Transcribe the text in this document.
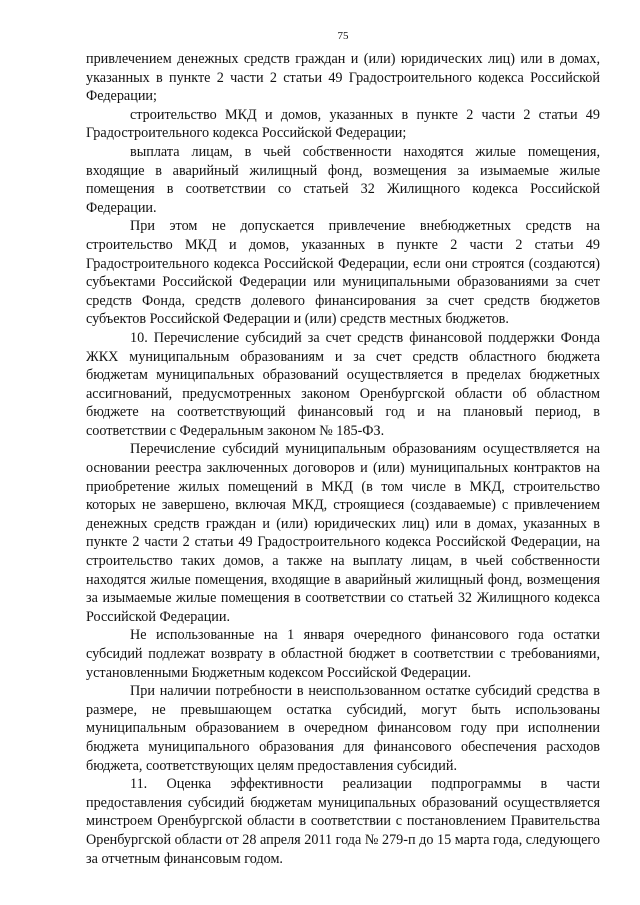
75

привлечением денежных средств граждан и (или) юридических лиц) или в домах, указанных в пункте 2 части 2 статьи 49 Градостроительного кодекса Российской Федерации;

строительство МКД и домов, указанных в пункте 2 части 2 статьи 49 Градостроительного кодекса Российской Федерации;

выплата лицам, в чьей собственности находятся жилые помещения, входящие в аварийный жилищный фонд, возмещения за изымаемые жилые помещения в соответствии со статьей 32 Жилищного кодекса Российской Федерации.

При этом не допускается привлечение внебюджетных средств на строительство МКД и домов, указанных в пункте 2 части 2 статьи 49 Градостроительного кодекса Российской Федерации, если они строятся (создаются) субъектами Российской Федерации или муниципальными образованиями за счет средств Фонда, средств долевого финансирования за счет средств бюджетов субъектов Российской Федерации и (или) средств местных бюджетов.

10. Перечисление субсидий за счет средств финансовой поддержки Фонда ЖКХ муниципальным образованиям и за счет средств областного бюджета бюджетам муниципальных образований осуществляется в пределах бюджетных ассигнований, предусмотренных законом Оренбургской области об областном бюджете на соответствующий финансовый год и на плановый период, в соответствии с Федеральным законом № 185-ФЗ.

Перечисление субсидий муниципальным образованиям осуществляется на основании реестра заключенных договоров и (или) муниципальных контрактов на приобретение жилых помещений в МКД (в том числе в МКД, строительство которых не завершено, включая МКД, строящиеся (создаваемые) с привлечением денежных средств граждан и (или) юридических лиц) или в домах, указанных в пункте 2 части 2 статьи 49 Градостроительного кодекса Российской Федерации, на строительство таких домов, а также на выплату лицам, в чьей собственности находятся жилые помещения, входящие в аварийный жилищный фонд, возмещения за изымаемые жилые помещения в соответствии со статьей 32 Жилищного кодекса Российской Федерации.

Не использованные на 1 января очередного финансового года остатки субсидий подлежат возврату в областной бюджет в соответствии с требованиями, установленными Бюджетным кодексом Российской Федерации.

При наличии потребности в неиспользованном остатке субсидий средства в размере, не превышающем остатка субсидий, могут быть использованы муниципальным образованием в очередном финансовом году при исполнении бюджета муниципального образования для финансового обеспечения расходов бюджета, соответствующих целям предоставления субсидий.

11. Оценка эффективности реализации подпрограммы в части предоставления субсидий бюджетам муниципальных образований осуществляется минстроем Оренбургской области в соответствии с постановлением Правительства Оренбургской области от 28 апреля 2011 года № 279-п до 15 марта года, следующего за отчетным финансовым годом.
